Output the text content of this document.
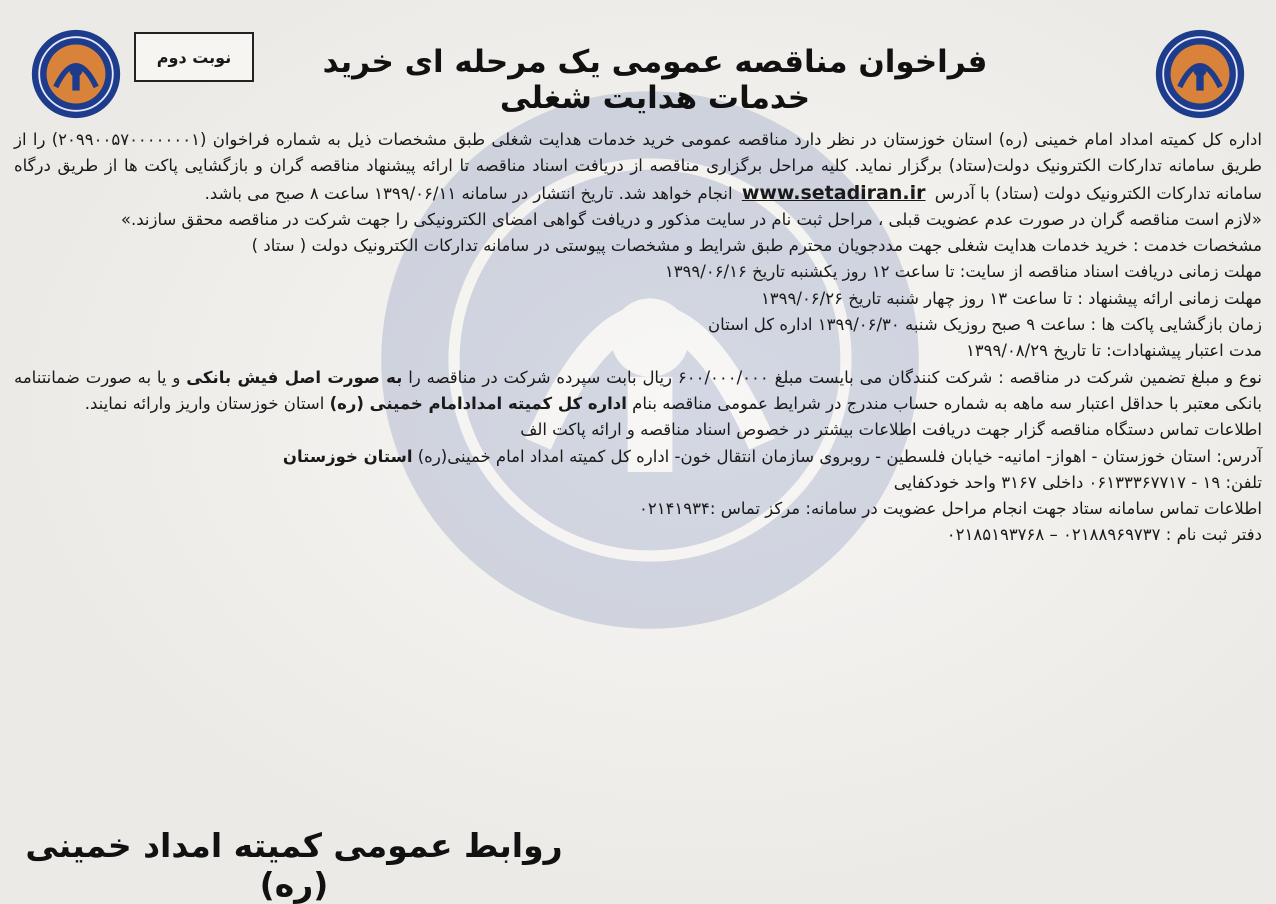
نوبت دوم	فراخوان مناقصه عمومی یک مرحله ای خرید خدمات هدایت شغلی

اداره کل کمیته امداد امام خمینی (ره) استان خوزستان در نظر دارد مناقصه عمومی خرید خدمات هدایت شغلی طبق مشخصات ذیل به شماره فراخوان (۲۰۹۹۰۰۵۷۰۰۰۰۰۰۰۱) را از طریق سامانه تدارکات الکترونیک دولت(ستاد) برگزار نماید. کلیه مراحل برگزاری مناقصه از دریافت اسناد مناقصه تا ارائه پیشنهاد مناقصه گران و بازگشایی پاکت ها از طریق درگاه سامانه تدارکات الکترونیک دولت (ستاد) با آدرس www.setadiran.ir انجام خواهد شد. تاریخ انتشار در سامانه ۱۳۹۹/۰۶/۱۱ ساعت ۸ صبح می باشد.

«لازم است مناقصه گران در صورت عدم عضویت قبلی ، مراحل ثبت نام در سایت مذکور و دریافت گواهی امضای الکترونیکی را جهت شرکت در مناقصه محقق سازند.»

مشخصات خدمت : خرید خدمات هدایت شغلی جهت مددجویان محترم طبق شرایط و مشخصات پیوستی در سامانه تدارکات الکترونیک دولت ( ستاد )

مهلت زمانی دریافت اسناد مناقصه از سایت: تا ساعت ۱۲ روز یکشنبه تاریخ ۱۳۹۹/۰۶/۱۶

مهلت زمانی ارائه پیشنهاد : تا ساعت ۱۳ روز چهار شنبه تاریخ ۱۳۹۹/۰۶/۲۶

زمان بازگشایی پاکت ها : ساعت ۹ صبح روزیک شنبه ۱۳۹۹/۰۶/۳۰ اداره کل استان

مدت اعتبار پیشنهادات: تا تاریخ ۱۳۹۹/۰۸/۲۹

نوع و مبلغ تضمین شرکت در مناقصه : شرکت کنندگان می بایست مبلغ ۶۰۰/۰۰۰/۰۰۰ ریال بابت سپرده شرکت در مناقصه را به صورت اصل فیش بانکی و یا به صورت ضمانتنامه بانکی معتبر با حداقل اعتبار سه ماهه به شماره حساب مندرج در شرایط عمومی مناقصه بنام اداره کل کمیته امدادامام خمینی (ره) استان خوزستان واریز وارائه نمایند.

اطلاعات تماس دستگاه مناقصه گزار جهت دریافت اطلاعات بیشتر در خصوص اسناد مناقصه و ارائه پاکت الف

آدرس: استان خوزستان - اهواز- امانیه- خیابان فلسطین - روبروی سازمان انتقال خون- اداره کل کمیته امداد امام خمینی(ره) استان خوزستان

تلفن: ۱۹ - ۰۶۱۳۳۳۶۷۷۱۷ داخلی ۳۱۶۷ واحد خودکفایی

اطلاعات تماس سامانه ستاد جهت انجام مراحل عضویت در سامانه: مرکز تماس :۰۲۱۴۱۹۳۴

دفتر ثبت نام : ۰۲۱۸۸۹۶۹۷۳۷ – ۰۲۱۸۵۱۹۳۷۶۸

روابط عمومی کمیته امداد خمینی (ره)
